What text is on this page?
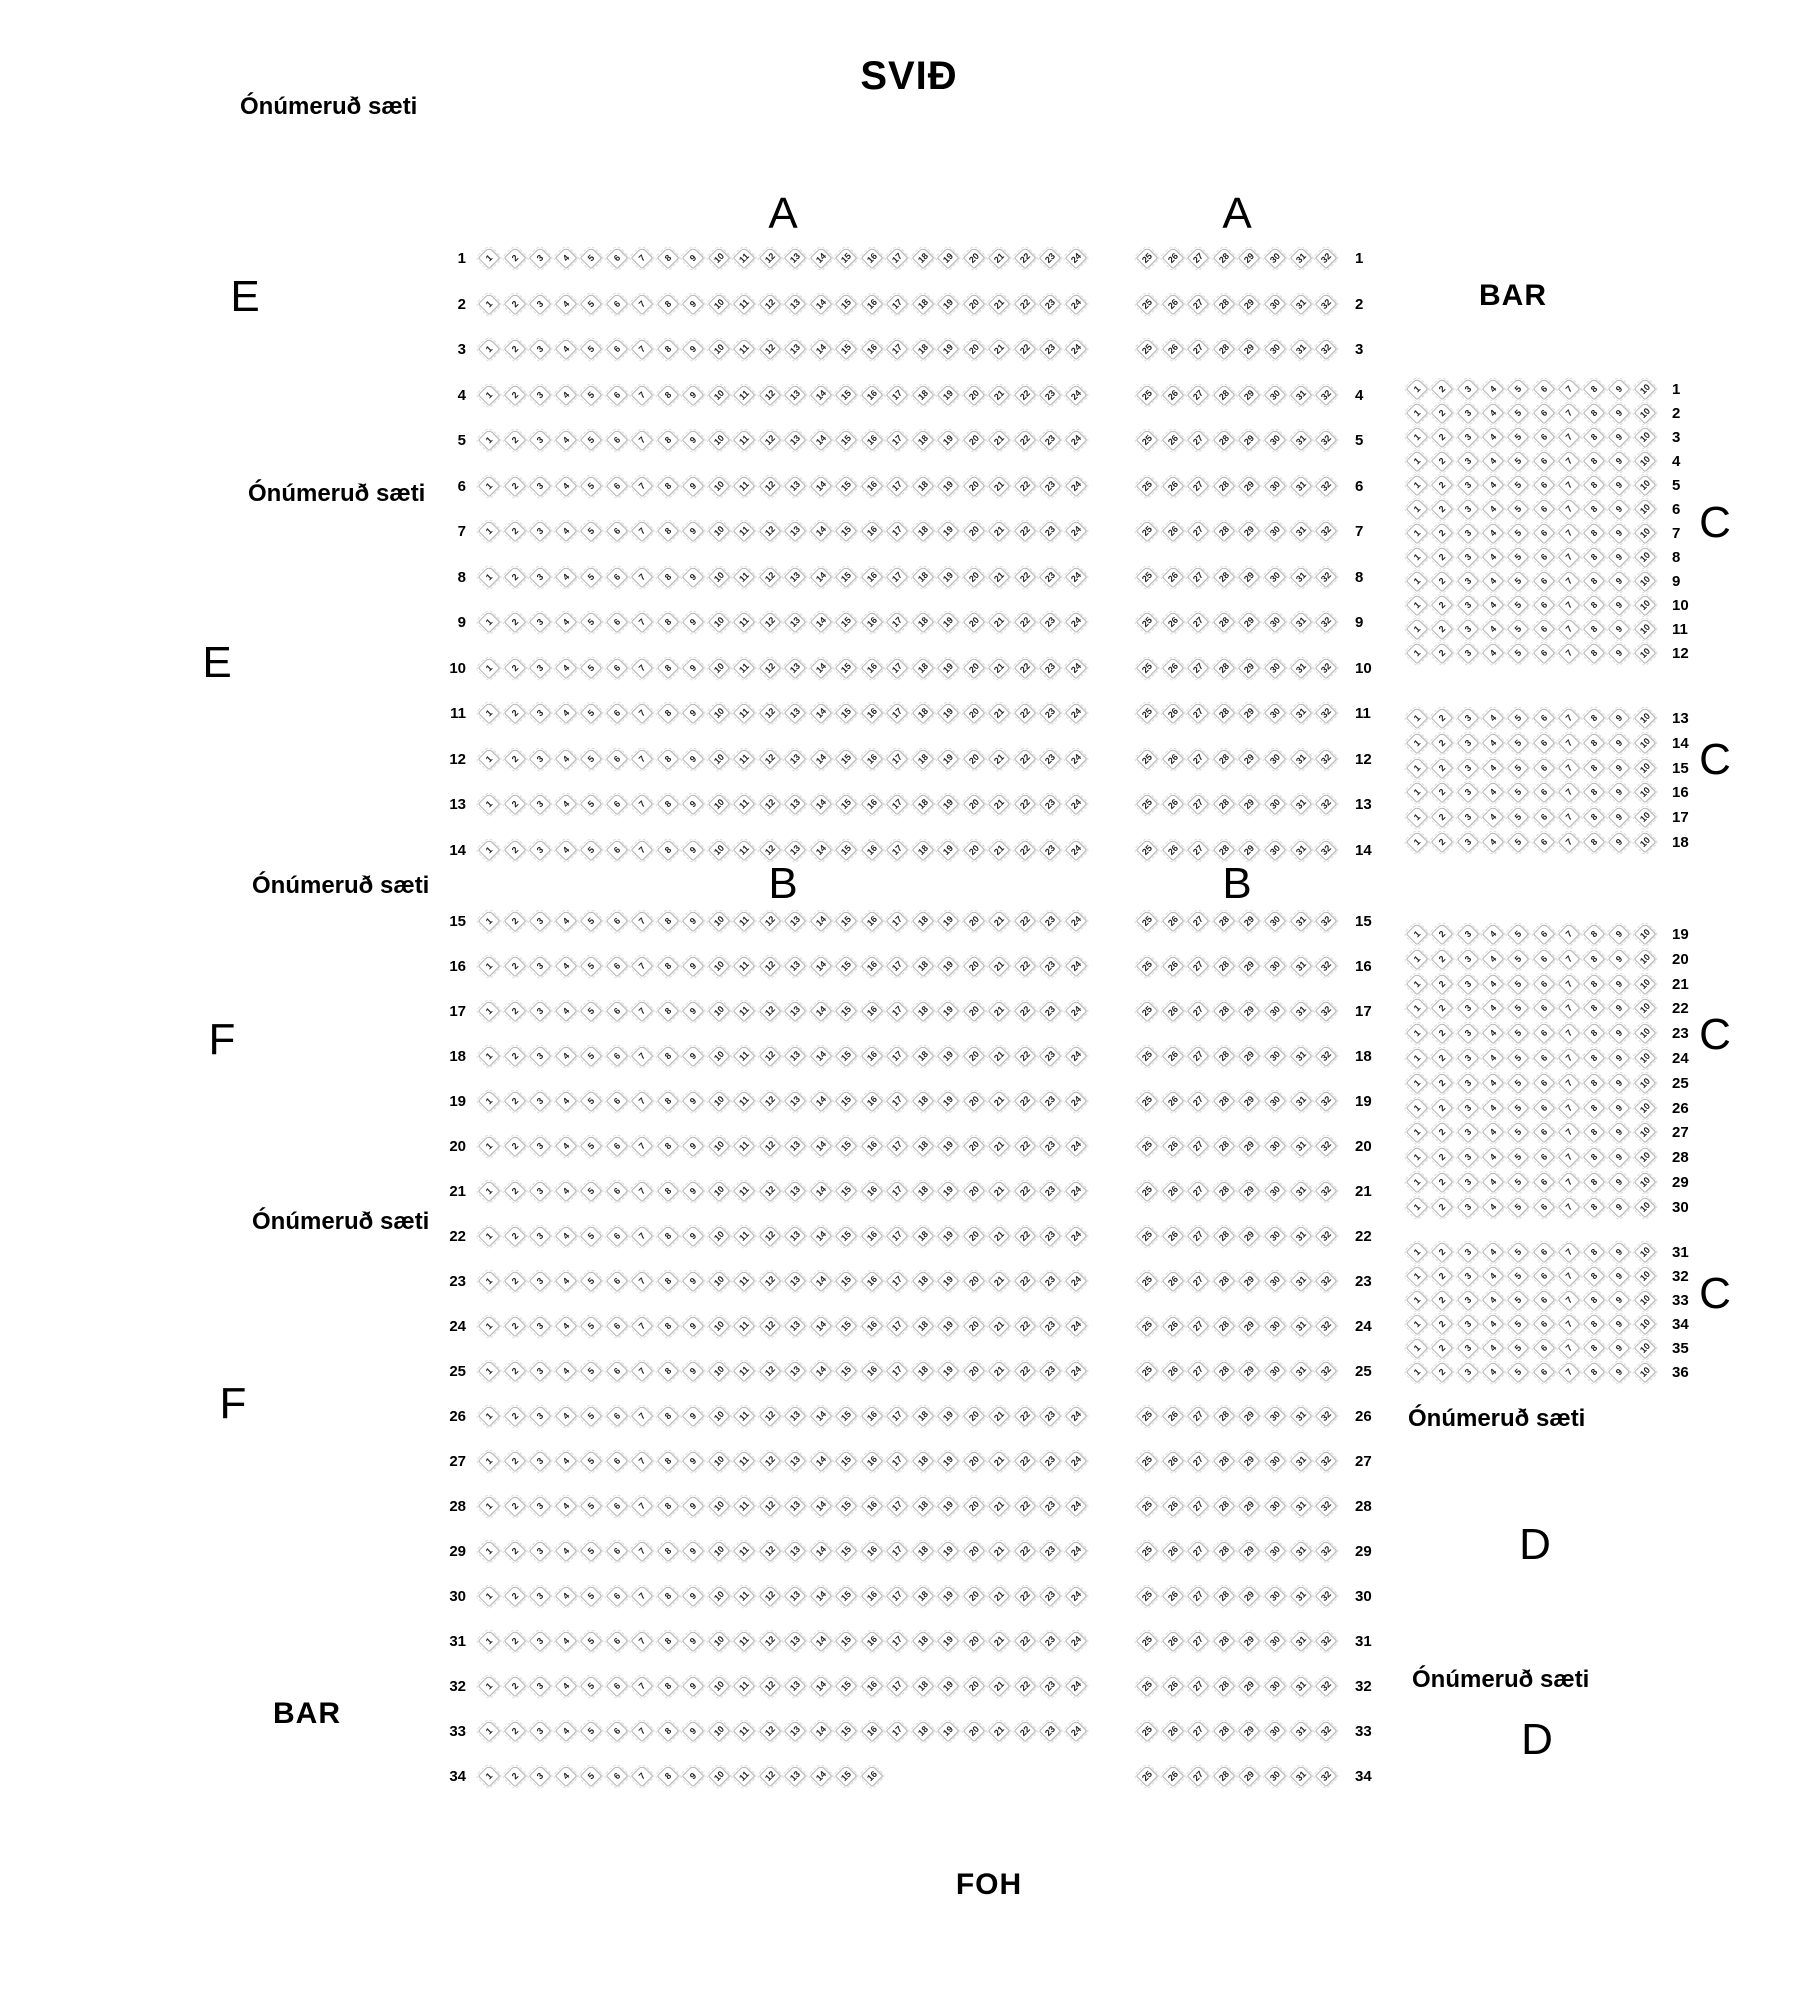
SVIÐ
Ónúmeruð sæti
A	A
E
E
BAR
Ónúmeruð sæti
Ónúmeruð sæti
Ónúmeruð sæti
B	B
F
F
C
C
C
C
Ónúmeruð sæti
D
Ónúmeruð sæti
D
BAR
FOH
1	1	2	3	4	5	6	7	8	9	10	11	12	13	14	15	16	17	18	19	20	21	22	23	24	25	26	27	28	29	30	31	32 1
2	1	2	3	4	5	6	7	8	9	10	11	12	13	14	15	16	17	18	19	20	21	22	23	24	25	26	27	28	29	30	31	32 2
3	1	2	3	4	5	6	7	8	9	10	11	12	13	14	15	16	17	18	19	20	21	22	23	24	25	26	27	28	29	30	31	32 3
4	1	2	3	4	5	6	7	8	9	10	11	12	13	14	15	16	17	18	19	20	21	22	23	24	25	26	27	28	29	30	31	32 4
5	1	2	3	4	5	6	7	8	9	10	11	12	13	14	15	16	17	18	19	20	21	22	23	24	25	26	27	28	29	30	31	32 5
6	1	2	3	4	5	6	7	8	9	10	11	12	13	14	15	16	17	18	19	20	21	22	23	24	25	26	27	28	29	30	31	32 6
7	1	2	3	4	5	6	7	8	9	10	11	12	13	14	15	16	17	18	19	20	21	22	23	24	25	26	27	28	29	30	31	32 7
8	1	2	3	4	5	6	7	8	9	10	11	12	13	14	15	16	17	18	19	20	21	22	23	24	25	26	27	28	29	30	31	32 8
9	1	2	3	4	5	6	7	8	9	10	11	12	13	14	15	16	17	18	19	20	21	22	23	24	25	26	27	28	29	30	31	32 9
10	1	2	3	4	5	6	7	8	9	10	11	12	13	14	15	16	17	18	19	20	21	22	23	24	25	26	27	28	29	30	31	32 10
11	1	2	3	4	5	6	7	8	9	10	11	12	13	14	15	16	17	18	19	20	21	22	23	24	25	26	27	28	29	30	31	32 11
12	1	2	3	4	5	6	7	8	9	10	11	12	13	14	15	16	17	18	19	20	21	22	23	24	25	26	27	28	29	30	31	32 12
13	1	2	3	4	5	6	7	8	9	10	11	12	13	14	15	16	17	18	19	20	21	22	23	24	25	26	27	28	29	30	31	32 13
14	1	2	3	4	5	6	7	8	9	10	11	12	13	14	15	16	17	18	19	20	21	22	23	24	25	26	27	28	29	30	31	32 14
15	1	2	3	4	5	6	7	8	9	10	11	12	13	14	15	16	17	18	19	20	21	22	23	24	25	26	27	28	29	30	31	32 15
16	1	2	3	4	5	6	7	8	9	10	11	12	13	14	15	16	17	18	19	20	21	22	23	24	25	26	27	28	29	30	31	32 16
17	1	2	3	4	5	6	7	8	9	10	11	12	13	14	15	16	17	18	19	20	21	22	23	24	25	26	27	28	29	30	31	32 17
18	1	2	3	4	5	6	7	8	9	10	11	12	13	14	15	16	17	18	19	20	21	22	23	24	25	26	27	28	29	30	31	32 18
19	1	2	3	4	5	6	7	8	9	10	11	12	13	14	15	16	17	18	19	20	21	22	23	24	25	26	27	28	29	30	31	32 19
20	1	2	3	4	5	6	7	8	9	10	11	12	13	14	15	16	17	18	19	20	21	22	23	24	25	26	27	28	29	30	31	32 20
21	1	2	3	4	5	6	7	8	9	10	11	12	13	14	15	16	17	18	19	20	21	22	23	24	25	26	27	28	29	30	31	32 21
22	1	2	3	4	5	6	7	8	9	10	11	12	13	14	15	16	17	18	19	20	21	22	23	24	25	26	27	28	29	30	31	32 22
23	1	2	3	4	5	6	7	8	9	10	11	12	13	14	15	16	17	18	19	20	21	22	23	24	25	26	27	28	29	30	31	32 23
24	1	2	3	4	5	6	7	8	9	10	11	12	13	14	15	16	17	18	19	20	21	22	23	24	25	26	27	28	29	30	31	32 24
25	1	2	3	4	5	6	7	8	9	10	11	12	13	14	15	16	17	18	19	20	21	22	23	24	25	26	27	28	29	30	31	32 25
26	1	2	3	4	5	6	7	8	9	10	11	12	13	14	15	16	17	18	19	20	21	22	23	24	25	26	27	28	29	30	31	32 26
27	1	2	3	4	5	6	7	8	9	10	11	12	13	14	15	16	17	18	19	20	21	22	23	24	25	26	27	28	29	30	31	32 27
28	1	2	3	4	5	6	7	8	9	10	11	12	13	14	15	16	17	18	19	20	21	22	23	24	25	26	27	28	29	30	31	32 28
29	1	2	3	4	5	6	7	8	9	10	11	12	13	14	15	16	17	18	19	20	21	22	23	24	25	26	27	28	29	30	31	32 29
30	1	2	3	4	5	6	7	8	9	10	11	12	13	14	15	16	17	18	19	20	21	22	23	24	25	26	27	28	29	30	31	32 30
31	1	2	3	4	5	6	7	8	9	10	11	12	13	14	15	16	17	18	19	20	21	22	23	24	25	26	27	28	29	30	31	32 31
32	1	2	3	4	5	6	7	8	9	10	11	12	13	14	15	16	17	18	19	20	21	22	23	24	25	26	27	28	29	30	31	32 32
33	1	2	3	4	5	6	7	8	9	10	11	12	13	14	15	16	17	18	19	20	21	22	23	24	25	26	27	28	29	30	31	32 33
34	1	2	3	4	5	6	7	8	9	10	11	12	13	14	15	16	25	26	27	28	29	30	31	32 34
1	2	3	4	5	6	7	8	9	10 1
1	2	3	4	5	6	7	8	9	10 2
1	2	3	4	5	6	7	8	9	10 3
1	2	3	4	5	6	7	8	9	10 4
1	2	3	4	5	6	7	8	9	10 5
1	2	3	4	5	6	7	8	9	10 6
1	2	3	4	5	6	7	8	9	10 7
1	2	3	4	5	6	7	8	9	10 8
1	2	3	4	5	6	7	8	9	10 9
1	2	3	4	5	6	7	8	9	10 10
1	2	3	4	5	6	7	8	9	10 11
1	2	3	4	5	6	7	8	9	10 12
1	2	3	4	5	6	7	8	9	10 13
1	2	3	4	5	6	7	8	9	10 14
1	2	3	4	5	6	7	8	9	10 15
1	2	3	4	5	6	7	8	9	10 16
1	2	3	4	5	6	7	8	9	10 17
1	2	3	4	5	6	7	8	9	10 18
1	2	3	4	5	6	7	8	9	10 19
1	2	3	4	5	6	7	8	9	10 20
1	2	3	4	5	6	7	8	9	10 21
1	2	3	4	5	6	7	8	9	10 22
1	2	3	4	5	6	7	8	9	10 23
1	2	3	4	5	6	7	8	9	10 24
1	2	3	4	5	6	7	8	9	10 25
1	2	3	4	5	6	7	8	9	10 26
1	2	3	4	5	6	7	8	9	10 27
1	2	3	4	5	6	7	8	9	10 28
1	2	3	4	5	6	7	8	9	10 29
1	2	3	4	5	6	7	8	9	10 30
1	2	3	4	5	6	7	8	9	10 31
1	2	3	4	5	6	7	8	9	10 32
1	2	3	4	5	6	7	8	9	10 33
1	2	3	4	5	6	7	8	9	10 34
1	2	3	4	5	6	7	8	9	10 35
1	2	3	4	5	6	7	8	9	10 36
